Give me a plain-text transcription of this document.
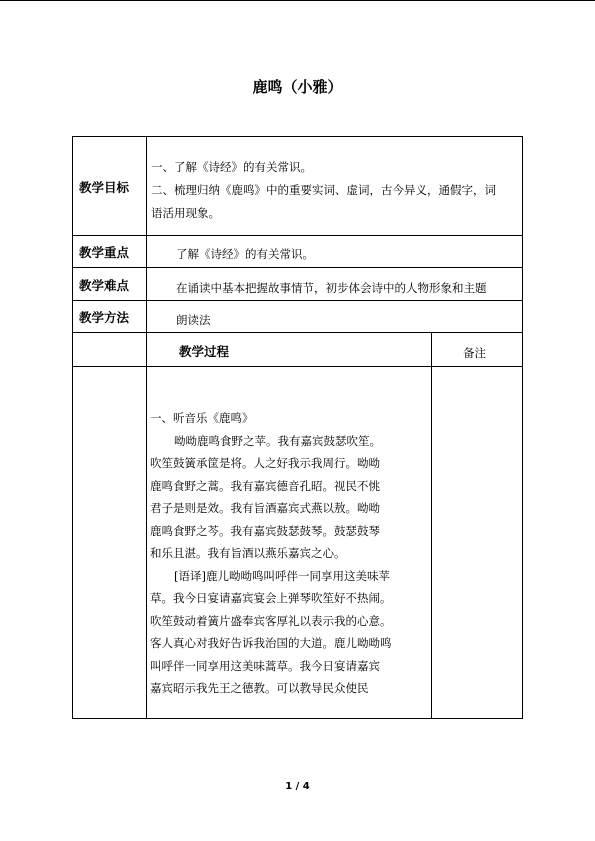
鹿鸣（小雅）
教学目标
教学重点
教学难点
教学方法
一、了解《诗经》的有关常识。
二、梳理归纳《鹿鸣》中的重要实词、虚词，古今异义，通假字，词
语活用现象。
了解《诗经》的有关常识。
在诵读中基本把握故事情节，初步体会诗中的人物形象和主题
朗读法
教学过程	备注
一、听音乐《鹿鸣》
呦呦鹿鸣食野之苹。我有嘉宾鼓瑟吹笙。
吹笙鼓簧承筐是将。人之好我示我周行。呦呦
鹿鸣食野之蒿。我有嘉宾德音孔昭。视民不恌
君子是则是效。我有旨酒嘉宾式燕以敖。呦呦
鹿鸣食野之芩。我有嘉宾鼓瑟鼓琴。鼓瑟鼓琴
和乐且湛。我有旨酒以燕乐嘉宾之心。
[语译]鹿儿呦呦鸣叫呼伴一同享用这美味苹
草。我今日宴请嘉宾宴会上弹琴吹笙好不热闹。
吹笙鼓动着簧片盛奉宾客厚礼以表示我的心意。
客人真心对我好告诉我治国的大道。鹿儿呦呦鸣
叫呼伴一同享用这美味蒿草。我今日宴请嘉宾
嘉宾昭示我先王之德教。可以教导民众使民
1 / 4
